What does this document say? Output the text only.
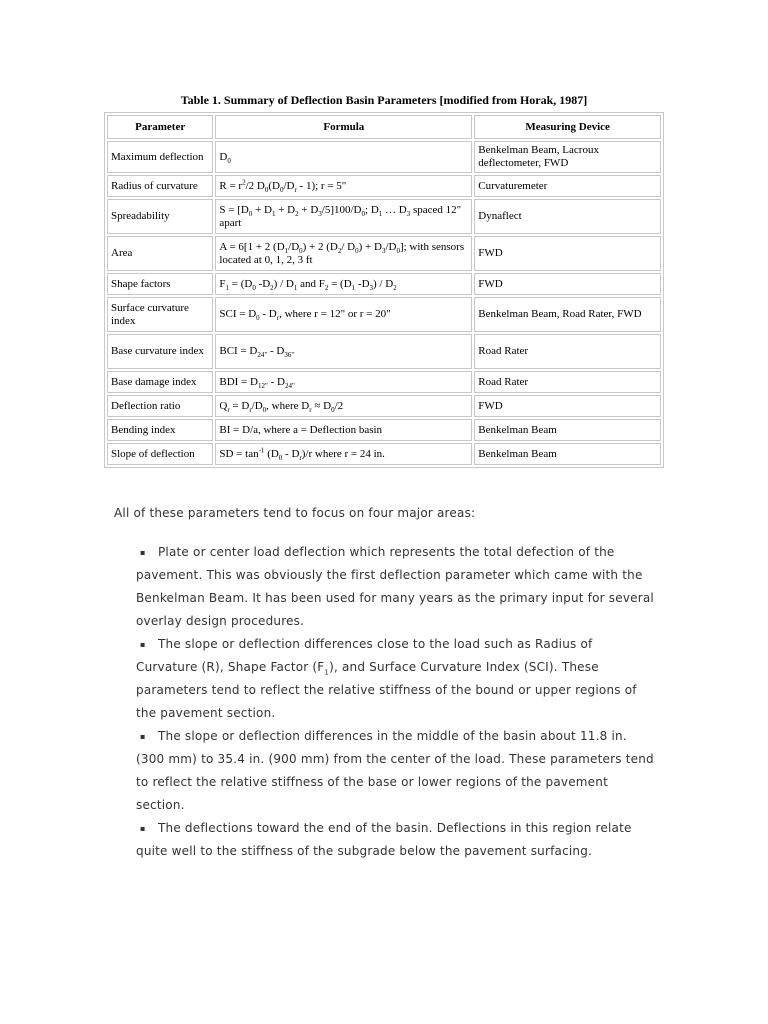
Table 1. Summary of Deflection Basin Parameters [modified from Horak, 1987]
Parameter	Formula	Measuring Device
Maximum deflection	$D_0$	Benkelman Beam, Lacroux deflectometer, FWD
Radius of curvature	$R = r^2/2$ $D_0(D_0/D_r - 1)$; r = 5"	Curvaturemeter
Spreadability	$S = [D_0 + D_1 + D_2 + D_3/5]100/D_0$; $D_1$ … $D_3$ spaced 12" apart	Dynaflect
Area	A = 6[1 + 2 $(D_1/D_0) + 2$ ($D_2/$ $D_0) + D_3/D_0$]; with sensors located at 0, 1, 2, 3 ft	FWD
Shape factors	$F_1 = (D_0$ $-D_2) / D_1$ and $F_2 = (D_1$ $-D_3) / D_2$	FWD
Surface curvature index	SCI = $D_0 - D_r$, where r = 12" or r = 20"	Benkelman Beam, Road Rater, FWD
Base curvature index	BCI = $D_{24"} - D_{36"}$	Road Rater
Base damage index	BDI = $D_{12"} - D_{24"}$	Road Rater
Deflection ratio	$Q_r = D_r/D_0$, where $D_r \approx D_0/2$	FWD
Bending index	BI = D/a, where a = Deflection basin	Benkelman Beam
Slope of deflection	SD = $\tan^{-1} (D_0 - D_r)/r$ where r = 24 in.	Benkelman Beam
All of these parameters tend to focus on four major areas:
▪ Plate or center load deflection which represents the total defection of the pavement. This was obviously the first deflection parameter which came with the Benkelman Beam. It has been used for many years as the primary input for several overlay design procedures.
▪ The slope or deflection differences close to the load such as Radius of Curvature (R), Shape Factor $(F_1)$, and Surface Curvature Index (SCI). These parameters tend to reflect the relative stiffness of the bound or upper regions of the pavement section.
▪ The slope or deflection differences in the middle of the basin about 11.8 in. (300 mm) to 35.4 in. (900 mm) from the center of the load. These parameters tend to reflect the relative stiffness of the base or lower regions of the pavement section.
▪ The deflections toward the end of the basin. Deflections in this region relate quite well to the stiffness of the subgrade below the pavement surfacing.
